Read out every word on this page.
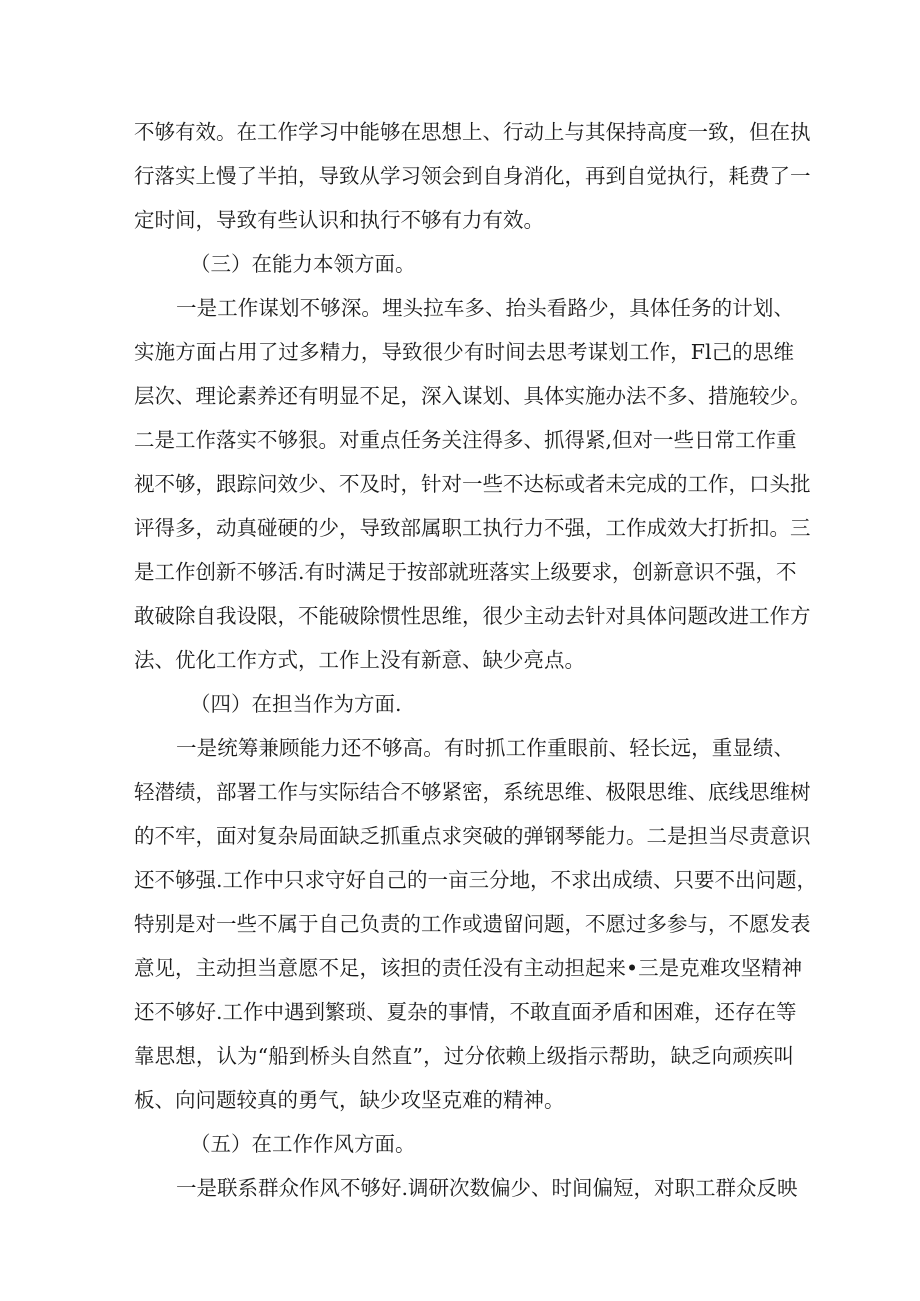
不够有效。在工作学习中能够在思想上、行动上与其保持高度一致，但在执
行落实上慢了半拍，导致从学习领会到自身消化，再到自觉执行，耗费了一
定时间，导致有些认识和执行不够有力有效。
（三）在能力本领方面。
一是工作谋划不够深。埋头拉车多、抬头看路少，具体任务的计划、
实施方面占用了过多精力，导致很少有时间去思考谋划工作，Fl己的思维
层次、理论素养还有明显不足，深入谋划、具体实施办法不多、措施较少。
二是工作落实不够狠。对重点任务关注得多、抓得紧,但对一些日常工作重
视不够，跟踪问效少、不及时，针对一些不达标或者未完成的工作，口头批
评得多，动真碰硬的少，导致部属职工执行力不强，工作成效大打折扣。三
是工作创新不够活.有时满足于按部就班落实上级要求，创新意识不强，不
敢破除自我设限，不能破除惯性思维，很少主动去针对具体问题改进工作方
法、优化工作方式，工作上没有新意、缺少亮点。
（四）在担当作为方面.
一是统筹兼顾能力还不够高。有时抓工作重眼前、轻长远，重显绩、
轻潜绩，部署工作与实际结合不够紧密，系统思维、极限思维、底线思维树
的不牢，面对复杂局面缺乏抓重点求突破的弹钢琴能力。二是担当尽责意识
还不够强.工作中只求守好自己的一亩三分地，不求出成绩、只要不出问题，
特别是对一些不属于自己负责的工作或遗留问题，不愿过多参与，不愿发表
意见，主动担当意愿不足，该担的责任没有主动担起来•三是克难攻坚精神
还不够好.工作中遇到繁琐、夏杂的事情，不敢直面矛盾和困难，还存在等
靠思想，认为“船到桥头自然直”，过分依赖上级指示帮助，缺乏向顽疾叫
板、向问题较真的勇气，缺少攻坚克难的精神。
（五）在工作作风方面。
一是联系群众作风不够好.调研次数偏少、时间偏短，对职工群众反映
